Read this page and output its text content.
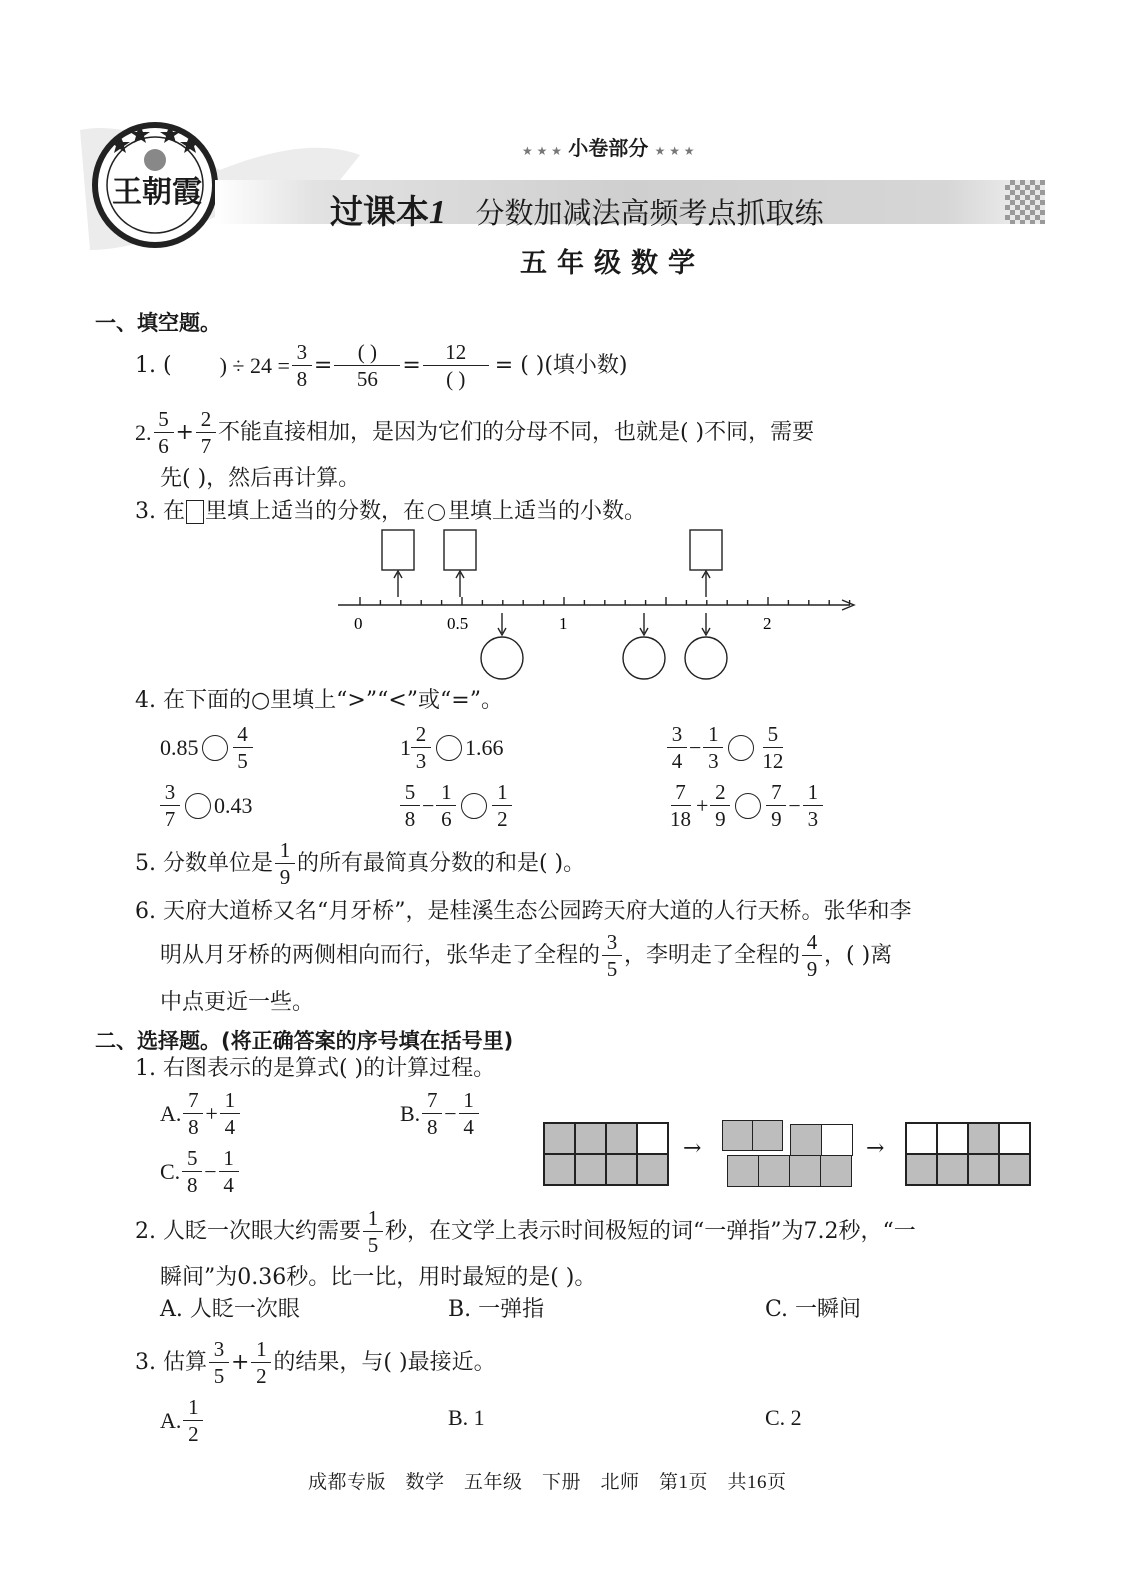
王朝霞
★ ★ ★ 小卷部分 ★ ★ ★
过课本1 分数加减法高频考点抓取练
五年级数学
一、填空题。
1. ( ) ÷ $24 = \frac{3}{8} = \frac{( )}{56} = \frac{12}{( )}$ = ( )(填小数)
2. $\frac{5}{6} + \frac{2}{7}$ 不能直接相加，是因为它们的分母不同，也就是( )不同，需要
先( )，然后再计算。
3. 在 里填上适当的分数，在 里填上适当的小数。
0	0.5	1	2
4. 在下面的○里填上“>”“<”或“=”。
$0.85 \frac{4}{5}$	$1 \frac{2}{3} 1.66$	$\frac{3}{4} - \frac{1}{3} \frac{5}{12}$
$\frac{3}{7} 0.43$	$\frac{5}{8} - \frac{1}{6} \frac{1}{2}$	$\frac{7}{18} + \frac{2}{9} \frac{7}{9} - \frac{1}{3}$
5. 分数单位是 $\frac{1}{9}$ 的所有最简真分数的和是( )。
6. 天府大道桥又名“月牙桥”，是桂溪生态公园跨天府大道的人行天桥。张华和李
明从月牙桥的两侧相向而行，张华走了全程的 $\frac{3}{5}$ ，李明走了全程的 $\frac{4}{9}$ ，( )离
中点更近一些。
二、选择题。(将正确答案的序号填在括号里)
1. 右图表示的是算式( )的计算过程。
A. $\frac{7}{8} + \frac{1}{4}$	B. $\frac{7}{8} - \frac{1}{4}$
C. $\frac{5}{8} - \frac{1}{4}$	→	→
2. 人眨一次眼大约需要 $\frac{1}{5}$ 秒，在文学上表示时间极短的词“一弹指”为7.2秒，“一
瞬间”为0.36秒。比一比，用时最短的是( )。
A. 人眨一次眼	B. 一弹指	C. 一瞬间
3. 估算 $\frac{3}{5} + \frac{1}{2}$ 的结果，与( )最接近。
A. $\frac{1}{2}$	B. 1	C. 2
成都专版　数学　五年级　下册　北师　第1页　共16页
